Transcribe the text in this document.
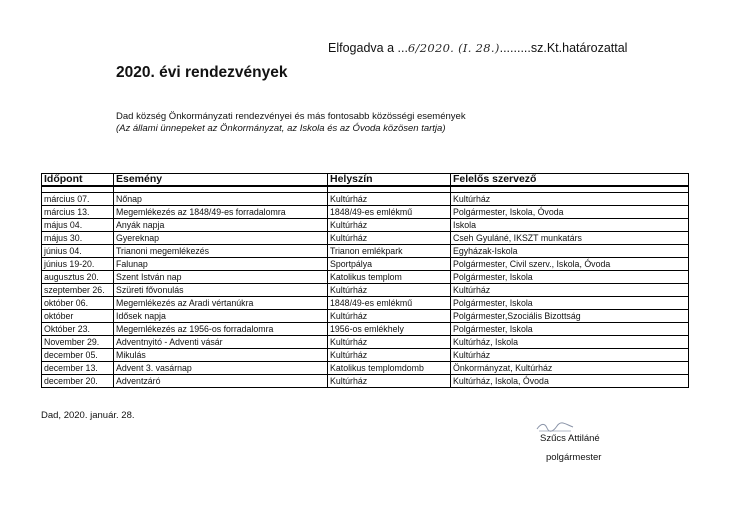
Elfogadva a ...6/2020. (I. 28.).........sz.Kt.határozattal
2020. évi rendezvények
Dad község Önkormányzati rendezvényei és más fontosabb közösségi események
(Az állami ünnepeket az Önkormányzat, az Iskola és az Óvoda közösen tartja)
Időpont	Esemény	Helyszín	Felelős szervező

március 07.	Nőnap	Kultúrház	Kultúrház
március 13.	Megemlékezés az 1848/49-es forradalomra	1848/49-es emlékmű	Polgármester, Iskola, Óvoda
május 04.	Anyák napja	Kultúrház	Iskola
május 30.	Gyereknap	Kultúrház	Cseh Gyuláné, IKSZT munkatárs
június 04.	Trianoni megemlékezés	Trianon emlékpark	Egyházak-Iskola
június 19-20.	Falunap	Sportpálya	Polgármester, Civil szerv., Iskola, Óvoda
augusztus 20.	Szent István nap	Katolikus templom	Polgármester, Iskola
szeptember 26.	Szüreti fővonulás	Kultúrház	Kultúrház
október 06.	Megemlékezés az Aradi vértanúkra	1848/49-es emlékmű	Polgármester, Iskola
október	Idősek napja	Kultúrház	Polgármester,Szociális Bizottság
Október 23.	Megemlékezés az 1956-os forradalomra	1956-os emlékhely	Polgármester, Iskola
November 29.	Adventnyitó - Adventi vásár	Kultúrház	Kultúrház, Iskola
december 05.	Mikulás	Kultúrház	Kultúrház
december 13.	Advent 3. vasárnap	Katolikus templomdomb	Önkormányzat, Kultúrház
december 20.	Adventzáró	Kultúrház	Kultúrház, Iskola, Óvoda
Dad, 2020. január. 28.
Szűcs Attiláné
polgármester
